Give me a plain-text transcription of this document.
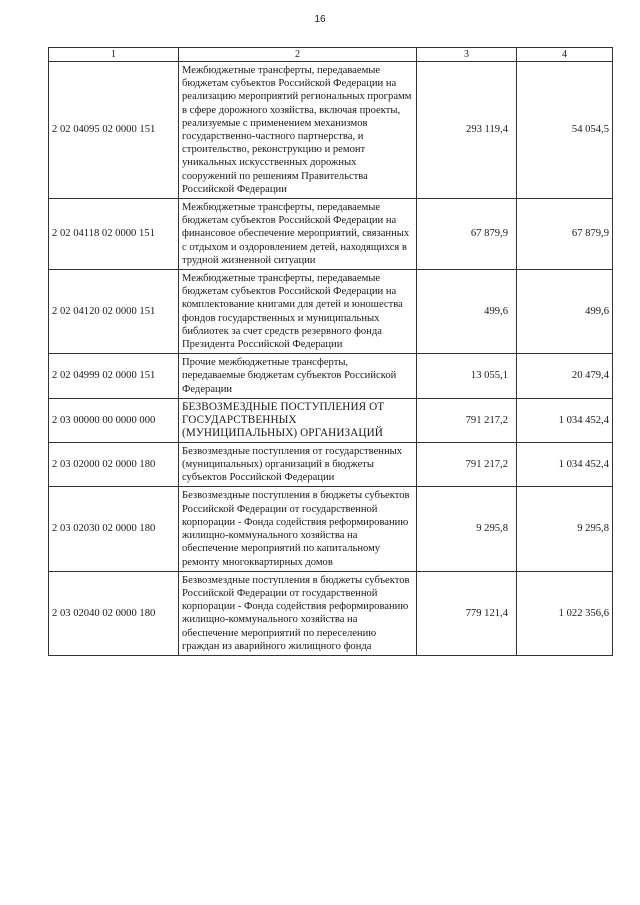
16
1	2	3	4
2 02 04095 02 0000 151	Межбюджетные трансферты, передаваемые бюджетам субъектов Российской Федерации на реализацию мероприятий региональных программ в сфере дорожного хозяйства, включая проекты, реализуемые с применением механизмов государственно-частного партнерства, и строительство, реконструкцию и ремонт уникальных искусственных дорожных сооружений по решениям Правительства Российской Федерации	293 119,4	54 054,5
2 02 04118 02 0000 151	Межбюджетные трансферты, передаваемые бюджетам субъектов Российской Федерации на финансовое обеспечение мероприятий, связанных с отдыхом и оздоровлением детей, находящихся в трудной жизненной ситуации	67 879,9	67 879,9
2 02 04120 02 0000 151	Межбюджетные трансферты, передаваемые бюджетам субъектов Российской Федерации на комплектование книгами для детей и юношества фондов государственных и муниципальных библиотек за счет средств резервного фонда Президента Российской Федерации	499,6	499,6
2 02 04999 02 0000 151	Прочие межбюджетные трансферты, передаваемые бюджетам субъектов Российской Федерации	13 055,1	20 479,4
2 03 00000 00 0000 000	БЕЗВОЗМЕЗДНЫЕ ПОСТУПЛЕНИЯ ОТ ГОСУДАРСТВЕННЫХ (МУНИЦИПАЛЬНЫХ) ОРГАНИЗАЦИЙ	791 217,2	1 034 452,4
2 03 02000 02 0000 180	Безвозмездные поступления от государственных (муниципальных) организаций в бюджеты субъектов Российской Федерации	791 217,2	1 034 452,4
2 03 02030 02 0000 180	Безвозмездные поступления в бюджеты субъектов Российской Федерации от государственной корпорации - Фонда содействия реформированию жилищно-коммунального хозяйства на обеспечение мероприятий по капитальному ремонту многоквартирных домов	9 295,8	9 295,8
2 03 02040 02 0000 180	Безвозмездные поступления в бюджеты субъектов Российской Федерации от государственной корпорации - Фонда содействия реформированию жилищно-коммунального хозяйства на обеспечение мероприятий по переселению граждан из аварийного жилищного фонда	779 121,4	1 022 356,6
